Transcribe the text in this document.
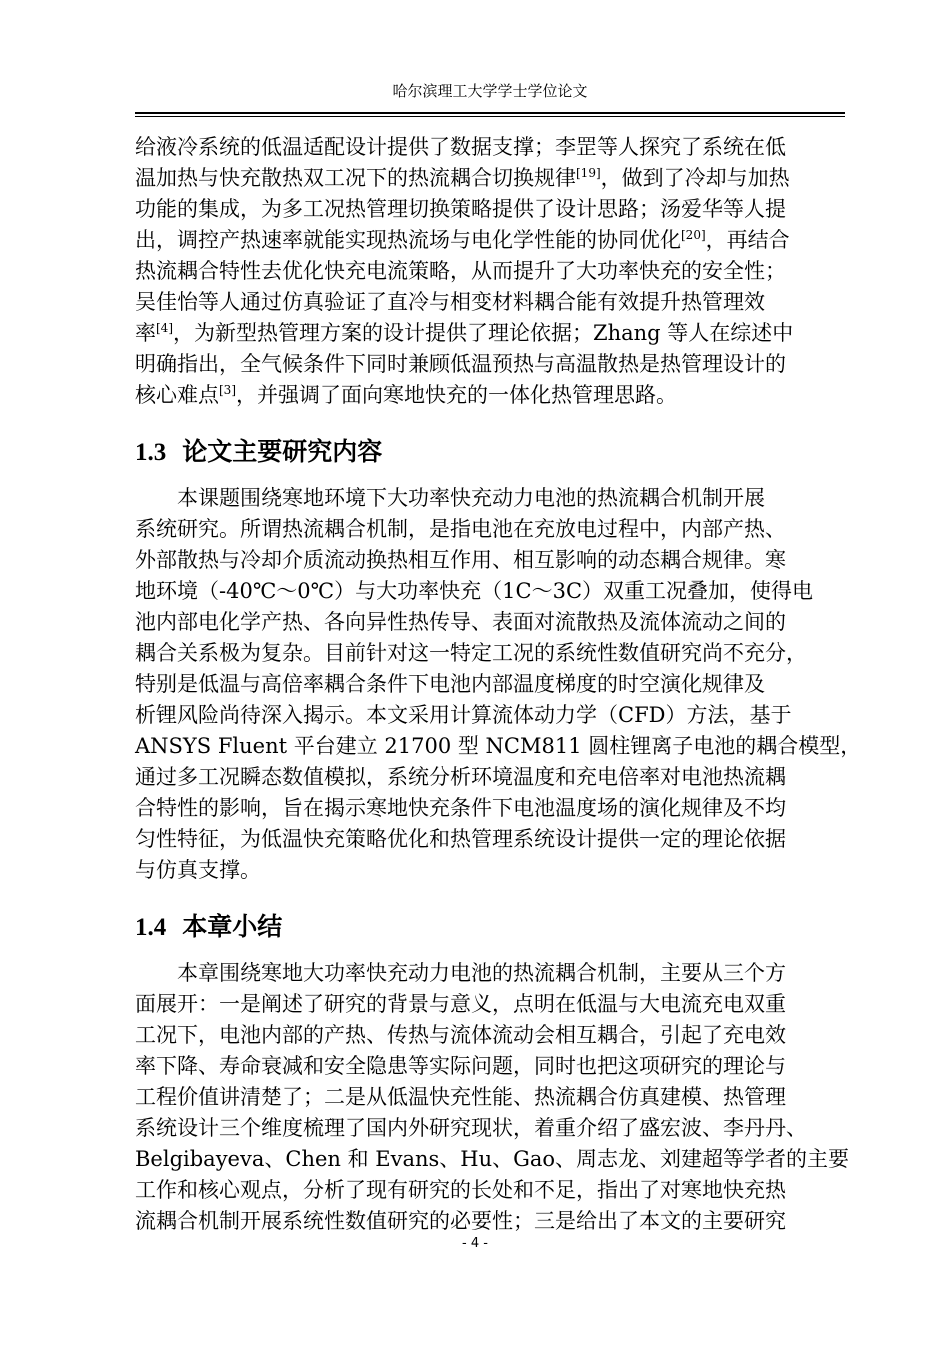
哈尔滨理工大学学士学位论文
给液冷系统的低温适配设计提供了数据支撑；李罡等人探究了系统在低
温加热与快充散热双工况下的热流耦合切换规律[19]，做到了冷却与加热
功能的集成，为多工况热管理切换策略提供了设计思路；汤爱华等人提
出，调控产热速率就能实现热流场与电化学性能的协同优化[20]，再结合
热流耦合特性去优化快充电流策略，从而提升了大功率快充的安全性；
吴佳怡等人通过仿真验证了直冷与相变材料耦合能有效提升热管理效
率[4]，为新型热管理方案的设计提供了理论依据；Zhang 等人在综述中
明确指出，全气候条件下同时兼顾低温预热与高温散热是热管理设计的
核心难点[3]，并强调了面向寒地快充的一体化热管理思路。
1.3 论文主要研究内容
本课题围绕寒地环境下大功率快充动力电池的热流耦合机制开展
系统研究。所谓热流耦合机制，是指电池在充放电过程中，内部产热、
外部散热与冷却介质流动换热相互作用、相互影响的动态耦合规律。寒
地环境（-40℃～0℃）与大功率快充（1C～3C）双重工况叠加，使得电
池内部电化学产热、各向异性热传导、表面对流散热及流体流动之间的
耦合关系极为复杂。目前针对这一特定工况的系统性数值研究尚不充分，
特别是低温与高倍率耦合条件下电池内部温度梯度的时空演化规律及
析锂风险尚待深入揭示。本文采用计算流体动力学（CFD）方法，基于
ANSYS Fluent 平台建立 21700 型 NCM811 圆柱锂离子电池的耦合模型，
通过多工况瞬态数值模拟，系统分析环境温度和充电倍率对电池热流耦
合特性的影响，旨在揭示寒地快充条件下电池温度场的演化规律及不均
匀性特征，为低温快充策略优化和热管理系统设计提供一定的理论依据
与仿真支撑。
1.4 本章小结
本章围绕寒地大功率快充动力电池的热流耦合机制，主要从三个方
面展开：一是阐述了研究的背景与意义，点明在低温与大电流充电双重
工况下，电池内部的产热、传热与流体流动会相互耦合，引起了充电效
率下降、寿命衰减和安全隐患等实际问题，同时也把这项研究的理论与
工程价值讲清楚了；二是从低温快充性能、热流耦合仿真建模、热管理
系统设计三个维度梳理了国内外研究现状，着重介绍了盛宏波、李丹丹、
Belgibayeva、Chen 和 Evans、Hu、Gao、周志龙、刘建超等学者的主要
工作和核心观点，分析了现有研究的长处和不足，指出了对寒地快充热
流耦合机制开展系统性数值研究的必要性；三是给出了本文的主要研究
- 4 -
